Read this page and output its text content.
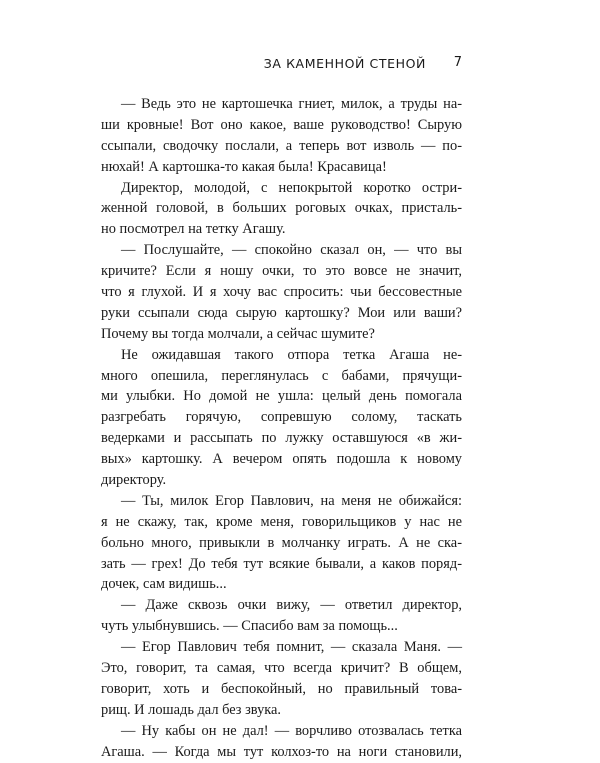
ЗА КАМЕННОЙ СТЕНОЙ 7
— Ведь это не картошечка гниет, милок, а труды на-
ши кровные! Вот оно какое, ваше руководство! Сырую
ссыпали, сводочку послали, а теперь вот изволь — по-
нюхай! А картошка-то какая была! Красавица!
Директор, молодой, с непокрытой коротко остри-
женной головой, в больших роговых очках, присталь-
но посмотрел на тетку Агашу.
— Послушайте, — спокойно сказал он, — что вы
кричите? Если я ношу очки, то это вовсе не значит,
что я глухой. И я хочу вас спросить: чьи бессовестные
руки ссыпали сюда сырую картошку? Мои или ваши?
Почему вы тогда молчали, а сейчас шумите?
Не ожидавшая такого отпора тетка Агаша не-
много опешила, переглянулась с бабами, прячущи-
ми улыбки. Но домой не ушла: целый день помогала
разгребать горячую, сопревшую солому, таскать
ведерками и рассыпать по лужку оставшуюся «в жи-
вых» картошку. А вечером опять подошла к новому
директору.
— Ты, милок Егор Павлович, на меня не обижайся:
я не скажу, так, кроме меня, говорильщиков у нас не
больно много, привыкли в молчанку играть. А не ска-
зать — грех! До тебя тут всякие бывали, а каков поряд-
дочек, сам видишь...
— Даже сквозь очки вижу, — ответил директор,
чуть улыбнувшись. — Спасибо вам за помощь...
— Егор Павлович тебя помнит, — сказала Маня. —
Это, говорит, та самая, что всегда кричит? В общем,
говорит, хоть и беспокойный, но правильный това-
рищ. И лошадь дал без звука.
— Ну кабы он не дал! — ворчливо отозвалась тетка
Агаша. — Когда мы тут колхоз-то на ноги становили,
